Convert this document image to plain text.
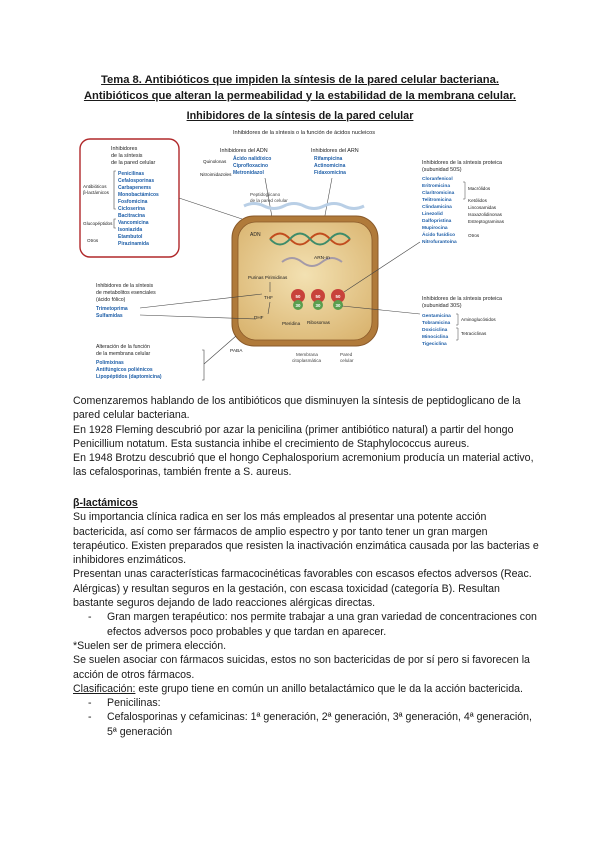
Tema 8. Antibióticos que impiden la síntesis de la pared celular bacteriana.
Antibióticos que alteran la permeabilidad y la estabilidad de la membrana celular.
Inhibidores de la síntesis de la pared celular
Inhibidores de la síntesis o la función de ácidos nucleicos
Inhibidores
de la síntesis
de la pared celular
Antibióticos
β-lactámicos
Glucopéptidos
Otros
Penicilinas
Cefalosporinas
Carbapenems
Monobactámicos
Fosfomicina
Cicloserina
Bacitracina
Vancomicina
Isoniazida
Etambutol
Pirazinamida
Inhibidores del ADN
Quinolonas
Nitroimidazoles
Ácido nalidíxico
Ciprofloxacino
Metronidazol
Inhibidores del ARN
Rifampicina
Actinomicina
Fidaxomicina
Peptidoglicano
de la pared celular
ADN
ARN-m
Purinas Pirimidinas
THF
DHF
Pteridina
PABA
50	50	50
30	30	30
Ribosomas
Membrana
citoplasmática
Pared
celular
Inhibidores de la síntesis proteica
(subunidad 50S)
Cloranfenicol
Eritromicina
Claritromicina
Telitromicina
Clindamicina
Linezolid
Dalfopristina
Mupirocina
Ácido fusídico
Nitrofurantoína
Macrólidos
Ketólidos
Lincosamidas
Isoxazolidinonas
Estreptograminas
Otros
Inhibidores de la síntesis proteica
(subunidad 30S)
Gentamicina
Tobramicina
Doxiciclina
Minociclina
Tigeciclina
Aminoglucósidos
Tetraciclinas
Inhibidores de la síntesis
de metabolitos esenciales
(ácido fólico)
Trimetoprima
Sulfamidas
Alteración de la función
de la membrana celular
Polimixinas
Antifúngicos poliénicos
Lipopéptidos (daptomicina)

Comenzaremos hablando de los antibióticos que disminuyen la síntesis de peptidoglicano de la pared celular bacteriana.

En 1928 Fleming descubrió por azar la penicilina (primer antibiótico natural) a partir del hongo Penicillium notatum. Esta sustancia inhibe el crecimiento de Staphylococcus aureus.

En 1948 Brotzu descubrió que el hongo Cephalosporium acremonium producía un material activo, las cefalosporinas, también frente a S. aureus.

β-lactámicos

Su importancia clínica radica en ser los más empleados al presentar una potente acción bactericida, así como ser fármacos de amplio espectro y por tanto tener un gran margen terapéutico. Existen preparados que resisten la inactivación enzimática causada por las bacterias e inhibidores enzimáticos.

Presentan unas características farmacocinéticas favorables con escasos efectos adversos (Reac. Alérgicas) y resultan seguros en la gestación, con escasa toxicidad (categoría B). Resultan bastante seguros dejando de lado reacciones alérgicas directas.

- Gran margen terapéutico: nos permite trabajar a una gran variedad de concentraciones con efectos adversos poco probables y que tardan en aparecer.

*Suelen ser de primera elección.

Se suelen asociar con fármacos suicidas, estos no son bactericidas de por sí pero si favorecen la acción de otros fármacos.

Clasificación: este grupo tiene en común un anillo betalactámico que le da la acción bactericida.

- Penicilinas:
- Cefalosporinas y cefamicinas: 1ª generación, 2ª generación, 3ª generación, 4ª generación, 5ª generación
